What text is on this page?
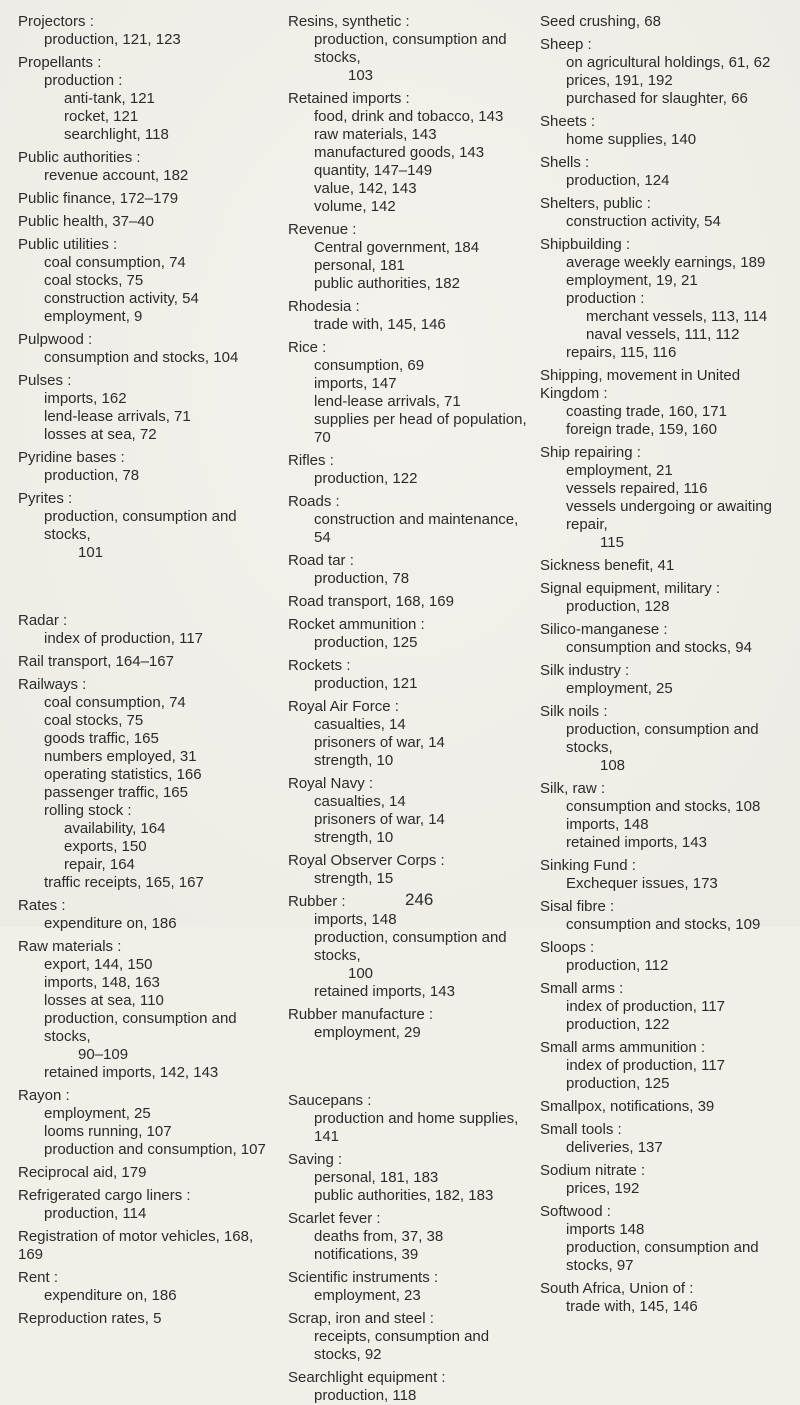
Projectors :

production, 121, 123

Propellants :

production :

anti-tank, 121

rocket, 121

searchlight, 118

Public authorities :

revenue account, 182

Public finance, 172–179

Public health, 37–40

Public utilities :

coal consumption, 74

coal stocks, 75

construction activity, 54

employment, 9

Pulpwood :

consumption and stocks, 104

Pulses :

imports, 162

lend-lease arrivals, 71

losses at sea, 72

Pyridine bases :

production, 78

Pyrites :

production, consumption and stocks,

101

Radar :

index of production, 117

Rail transport, 164–167

Railways :

coal consumption, 74

coal stocks, 75

goods traffic, 165

numbers employed, 31

operating statistics, 166

passenger traffic, 165

rolling stock :

availability, 164

exports, 150

repair, 164

traffic receipts, 165, 167

Rates :

expenditure on, 186

Raw materials :

export, 144, 150

imports, 148, 163

losses at sea, 110

production, consumption and stocks,

90–109

retained imports, 142, 143

Rayon :

employment, 25

looms running, 107

production and consumption, 107

Reciprocal aid, 179

Refrigerated cargo liners :

production, 114

Registration of motor vehicles, 168, 169

Rent :

expenditure on, 186

Reproduction rates, 5

Resins, synthetic :

production, consumption and stocks,

103

Retained imports :

food, drink and tobacco, 143

raw materials, 143

manufactured goods, 143

quantity, 147–149

value, 142, 143

volume, 142

Revenue :

Central government, 184

personal, 181

public authorities, 182

Rhodesia :

trade with, 145, 146

Rice :

consumption, 69

imports, 147

lend-lease arrivals, 71

supplies per head of population, 70

Rifles :

production, 122

Roads :

construction and maintenance, 54

Road tar :

production, 78

Road transport, 168, 169

Rocket ammunition :

production, 125

Rockets :

production, 121

Royal Air Force :

casualties, 14

prisoners of war, 14

strength, 10

Royal Navy :

casualties, 14

prisoners of war, 14

strength, 10

Royal Observer Corps :

strength, 15

Rubber :

imports, 148

production, consumption and stocks,

100

retained imports, 143

Rubber manufacture :

employment, 29

Saucepans :

production and home supplies, 141

Saving :

personal, 181, 183

public authorities, 182, 183

Scarlet fever :

deaths from, 37, 38

notifications, 39

Scientific instruments :

employment, 23

Scrap, iron and steel :

receipts, consumption and stocks, 92

Searchlight equipment :

production, 118

Seed crushing, 68

Sheep :

on agricultural holdings, 61, 62

prices, 191, 192

purchased for slaughter, 66

Sheets :

home supplies, 140

Shells :

production, 124

Shelters, public :

construction activity, 54

Shipbuilding :

average weekly earnings, 189

employment, 19, 21

production :

merchant vessels, 113, 114

naval vessels, 111, 112

repairs, 115, 116

Shipping, movement in United Kingdom :

coasting trade, 160, 171

foreign trade, 159, 160

Ship repairing :

employment, 21

vessels repaired, 116

vessels undergoing or awaiting repair,

115

Sickness benefit, 41

Signal equipment, military :

production, 128

Silico-manganese :

consumption and stocks, 94

Silk industry :

employment, 25

Silk noils :

production, consumption and stocks,

108

Silk, raw :

consumption and stocks, 108

imports, 148

retained imports, 143

Sinking Fund :

Exchequer issues, 173

Sisal fibre :

consumption and stocks, 109

Sloops :

production, 112

Small arms :

index of production, 117

production, 122

Small arms ammunition :

index of production, 117

production, 125

Smallpox, notifications, 39

Small tools :

deliveries, 137

Sodium nitrate :

prices, 192

Softwood :

imports 148

production, consumption and stocks, 97

South Africa, Union of :

trade with, 145, 146

246
